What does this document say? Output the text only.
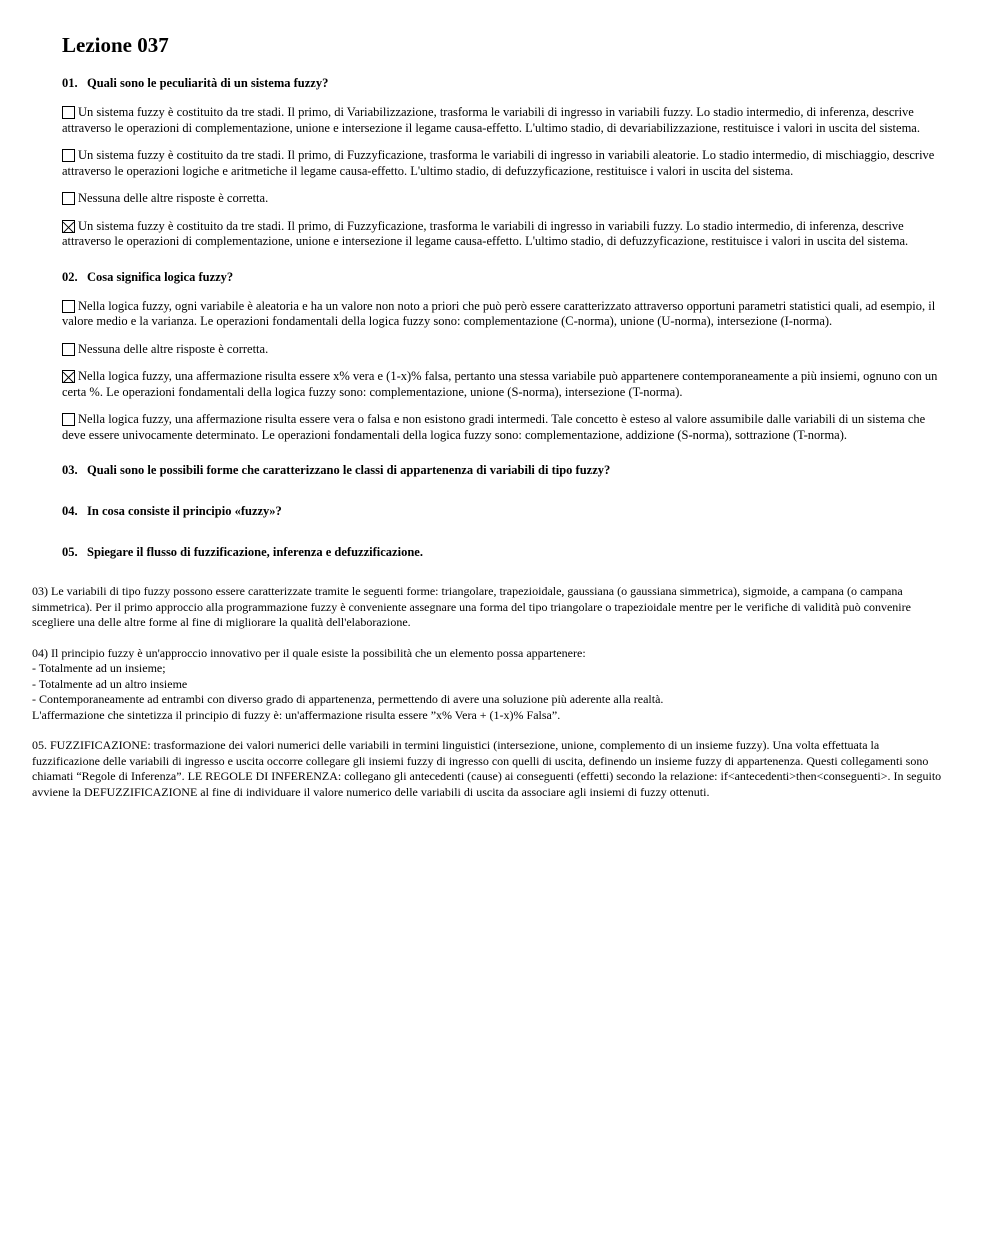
Lezione 037

01. Quali sono le peculiarità di un sistema fuzzy?

Un sistema fuzzy è costituito da tre stadi. Il primo, di Variabilizzazione, trasforma le variabili di ingresso in variabili fuzzy. Lo stadio intermedio, di inferenza, descrive attraverso le operazioni di complementazione, unione e intersezione il legame causa-effetto. L'ultimo stadio, di devariabilizzazione, restituisce i valori in uscita del sistema.

Un sistema fuzzy è costituito da tre stadi. Il primo, di Fuzzyficazione, trasforma le variabili di ingresso in variabili aleatorie. Lo stadio intermedio, di mischiaggio, descrive attraverso le operazioni logiche e aritmetiche il legame causa-effetto. L'ultimo stadio, di defuzzyficazione, restituisce i valori in uscita del sistema.

Nessuna delle altre risposte è corretta.

Un sistema fuzzy è costituito da tre stadi. Il primo, di Fuzzyficazione, trasforma le variabili di ingresso in variabili fuzzy. Lo stadio intermedio, di inferenza, descrive attraverso le operazioni di complementazione, unione e intersezione il legame causa-effetto. L'ultimo stadio, di defuzzyficazione, restituisce i valori in uscita del sistema.

02. Cosa significa logica fuzzy?

Nella logica fuzzy, ogni variabile è aleatoria e ha un valore non noto a priori che può però essere caratterizzato attraverso opportuni parametri statistici quali, ad esempio, il valore medio e la varianza. Le operazioni fondamentali della logica fuzzy sono: complementazione (C-norma), unione (U-norma), intersezione (I-norma).

Nessuna delle altre risposte è corretta.

Nella logica fuzzy, una affermazione risulta essere x% vera e (1-x)% falsa, pertanto una stessa variabile può appartenere contemporaneamente a più insiemi, ognuno con un certa %. Le operazioni fondamentali della logica fuzzy sono: complementazione, unione (S-norma), intersezione (T-norma).

Nella logica fuzzy, una affermazione risulta essere vera o falsa e non esistono gradi intermedi. Tale concetto è esteso al valore assumibile dalle variabili di un sistema che deve essere univocamente determinato. Le operazioni fondamentali della logica fuzzy sono: complementazione, addizione (S-norma), sottrazione (T-norma).

03. Quali sono le possibili forme che caratterizzano le classi di appartenenza di variabili di tipo fuzzy?

04. In cosa consiste il principio «fuzzy»?

05. Spiegare il flusso di fuzzificazione, inferenza e defuzzificazione.

03) Le variabili di tipo fuzzy possono essere caratterizzate tramite le seguenti forme: triangolare, trapezioidale, gaussiana (o gaussiana simmetrica), sigmoide, a campana (o campana simmetrica). Per il primo approccio alla programmazione fuzzy è conveniente assegnare una forma del tipo triangolare o trapezioidale mentre per le verifiche di validità può convenire scegliere una delle altre forme al fine di migliorare la qualità dell'elaborazione.

04) Il principio fuzzy è un'approccio innovativo per il quale esiste la possibilità che un elemento possa appartenere:
- Totalmente ad un insieme;
- Totalmente ad un altro insieme
- Contemporaneamente ad entrambi con diverso grado di appartenenza, permettendo di avere una soluzione più aderente alla realtà.
L'affermazione che sintetizza il principio di fuzzy è: un'affermazione risulta essere ”x% Vera + (1-x)% Falsa”.

05. FUZZIFICAZIONE: trasformazione dei valori numerici delle variabili in termini linguistici (intersezione, unione, complemento di un insieme fuzzy). Una volta effettuata la fuzzificazione delle variabili di ingresso e uscita occorre collegare gli insiemi fuzzy di ingresso con quelli di uscita, definendo un insieme fuzzy di appartenenza. Questi collegamenti sono chiamati “Regole di Inferenza”. LE REGOLE DI INFERENZA: collegano gli antecedenti (cause) ai conseguenti (effetti) secondo la relazione: if<antecedenti>then<conseguenti>. In seguito avviene la DEFUZZIFICAZIONE al fine di individuare il valore numerico delle variabili di uscita da associare agli insiemi di fuzzy ottenuti.
